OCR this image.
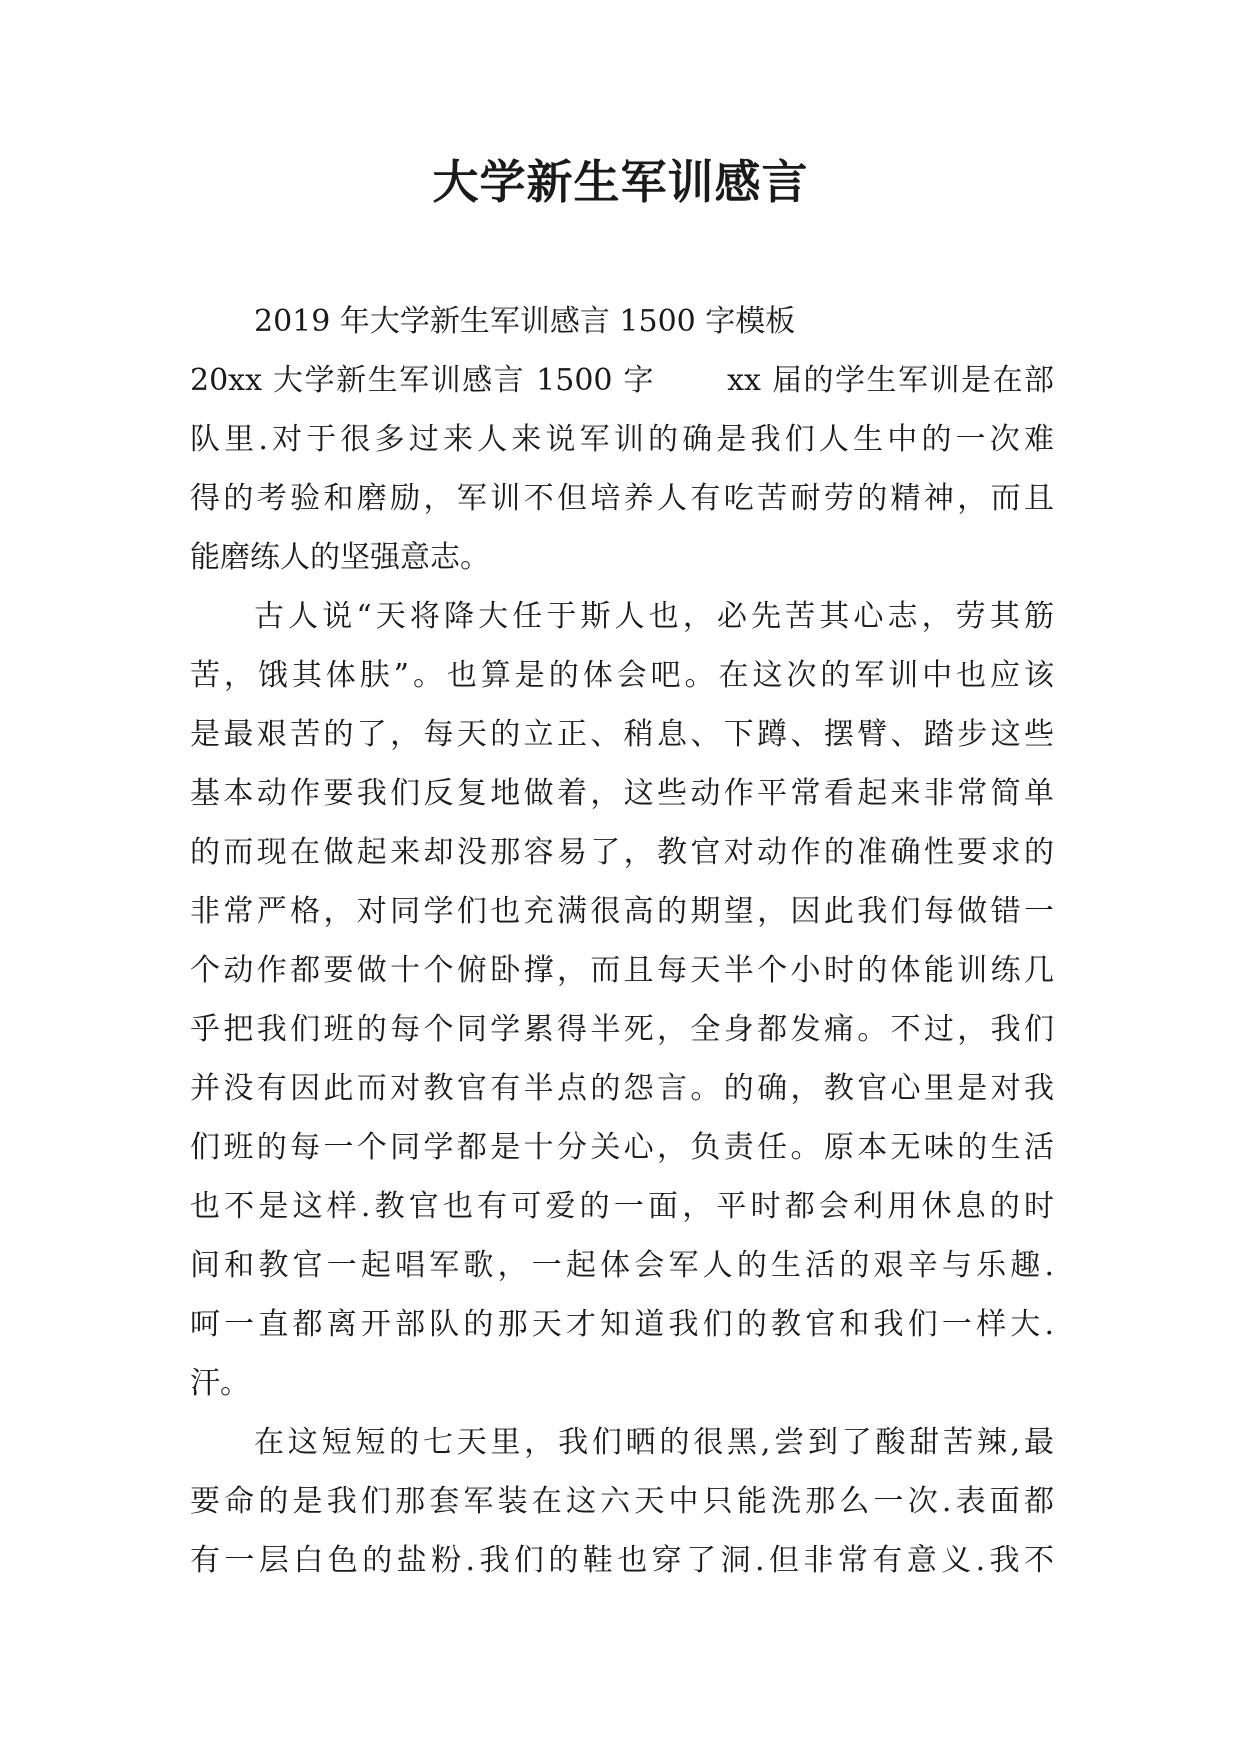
大学新生军训感言
2019 年大学新生军训感言 1500 字模板
20xx 大学新生军训感言 1500 字 xx 届的学生军训是在部
队里.对于很多过来人来说军训的确是我们人生中的一次难
得的考验和磨励，军训不但培养人有吃苦耐劳的精神，而且
能磨练人的坚强意志。
古人说“天将降大任于斯人也，必先苦其心志，劳其筋
苦，饿其体肤”。也算是的体会吧。在这次的军训中也应该
是最艰苦的了，每天的立正、稍息、下蹲、摆臂、踏步这些
基本动作要我们反复地做着，这些动作平常看起来非常简单
的而现在做起来却没那容易了，教官对动作的准确性要求的
非常严格，对同学们也充满很高的期望，因此我们每做错一
个动作都要做十个俯卧撑，而且每天半个小时的体能训练几
乎把我们班的每个同学累得半死，全身都发痛。不过，我们
并没有因此而对教官有半点的怨言。的确，教官心里是对我
们班的每一个同学都是十分关心，负责任。原本无味的生活
也不是这样.教官也有可爱的一面，平时都会利用休息的时
间和教官一起唱军歌，一起体会军人的生活的艰辛与乐趣.
呵一直都离开部队的那天才知道我们的教官和我们一样大.
汗。
在这短短的七天里，我们晒的很黑,尝到了酸甜苦辣,最
要命的是我们那套军装在这六天中只能洗那么一次.表面都
有一层白色的盐粉.我们的鞋也穿了洞.但非常有意义.我不
